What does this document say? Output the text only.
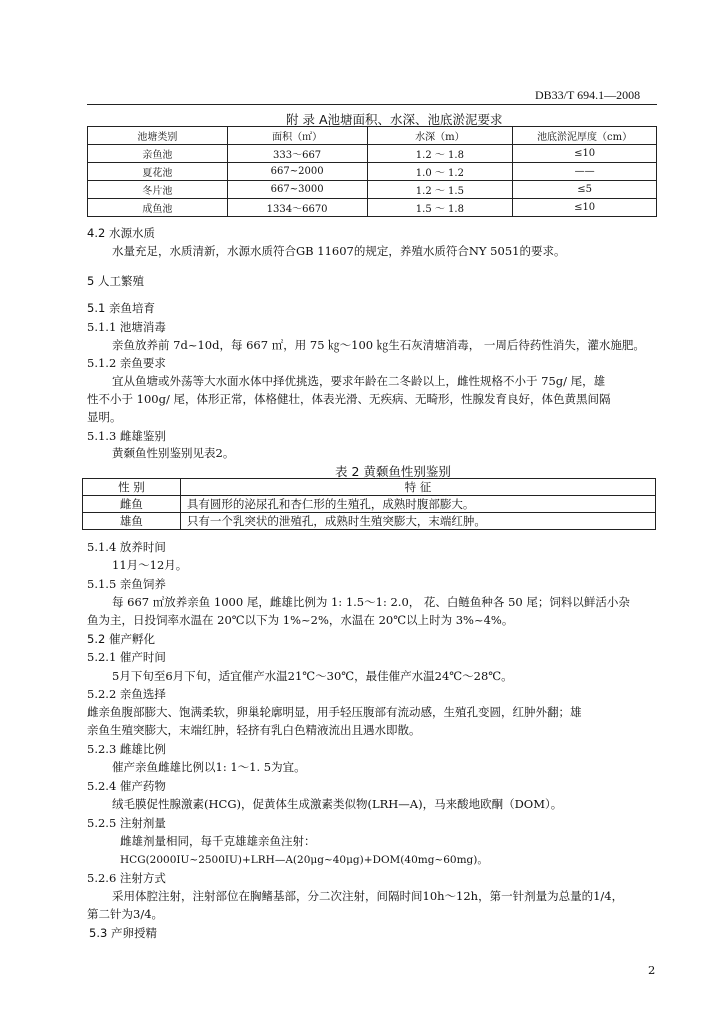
DB33/T 694.1—2008
附 录 A池塘面积、水深、池底淤泥要求
池塘类别	面积（㎡）	水深（m）	池底淤泥厚度（cm）
亲鱼池	333～667	1.2 ～ 1.8	≤10
夏花池	667~2000	1.0 ～ 1.2	——
冬片池	667~3000	1.2 ～ 1.5	≤5
成鱼池	1334～6670	1.5 ～ 1.8	≤10
4.2 水源水质
水量充足，水质清新，水源水质符合GB 11607的规定，养殖水质符合NY 5051的要求。
5 人工繁殖
5.1 亲鱼培育
5.1.1 池塘消毒
亲鱼放养前 7d~10d，每 667 ㎡，用 75 ㎏～100 ㎏生石灰清塘消毒， 一周后待药性消失，灌水施肥。
5.1.2 亲鱼要求
宜从鱼塘或外荡等大水面水体中择优挑选，要求年龄在二冬龄以上，雌性规格不小于 75g/ 尾，雄
性不小于 100g/ 尾，体形正常，体格健壮，体表光滑、无疾病、无畸形，性腺发育良好，体色黄黑间隔
显明。
5.1.3 雌雄鉴别
黄颡鱼性别鉴别见表2。
表 2 黄颡鱼性别鉴别
性 别	特 征
雌鱼	具有圆形的泌尿孔和杏仁形的生殖孔，成熟时腹部膨大。
雄鱼	只有一个乳突状的泄殖孔，成熟时生殖突膨大，末端红肿。
5.1.4 放养时间
11月～12月。
5.1.5 亲鱼饲养
每 667 ㎡放养亲鱼 1000 尾，雌雄比例为 1: 1.5～1: 2.0， 花、白鲢鱼种各 50 尾；饲料以鲜活小杂
鱼为主，日投饲率水温在 20℃以下为 1%~2%，水温在 20℃以上时为 3%~4%。
5.2 催产孵化
5.2.1 催产时间
5月下旬至6月下旬，适宜催产水温21℃～30℃，最佳催产水温24℃～28℃。
5.2.2 亲鱼选择
雌亲鱼腹部膨大、饱满柔软，卵巢轮廓明显，用手轻压腹部有流动感，生殖孔变圆，红肿外翻；雄
亲鱼生殖突膨大，末端红肿，轻挤有乳白色精液流出且遇水即散。
5.2.3 雌雄比例
催产亲鱼雌雄比例以1: 1～1. 5为宜。
5.2.4 催产药物
绒毛膜促性腺激素(HCG)，促黄体生成激素类似物(LRH—A)，马来酸地欧酮（DOM）。
5.2.5 注射剂量
雌雄剂量相同，每千克雄雄亲鱼注射：
HCG(2000IU~2500IU)+LRH—A(20μg~40μg)+DOM(40mg~60mg)。
5.2.6 注射方式
采用体腔注射，注射部位在胸鳍基部，分二次注射，间隔时间10h～12h，第一针剂量为总量的1/4，
第二针为3/4。
5.3 产卵授精
2
